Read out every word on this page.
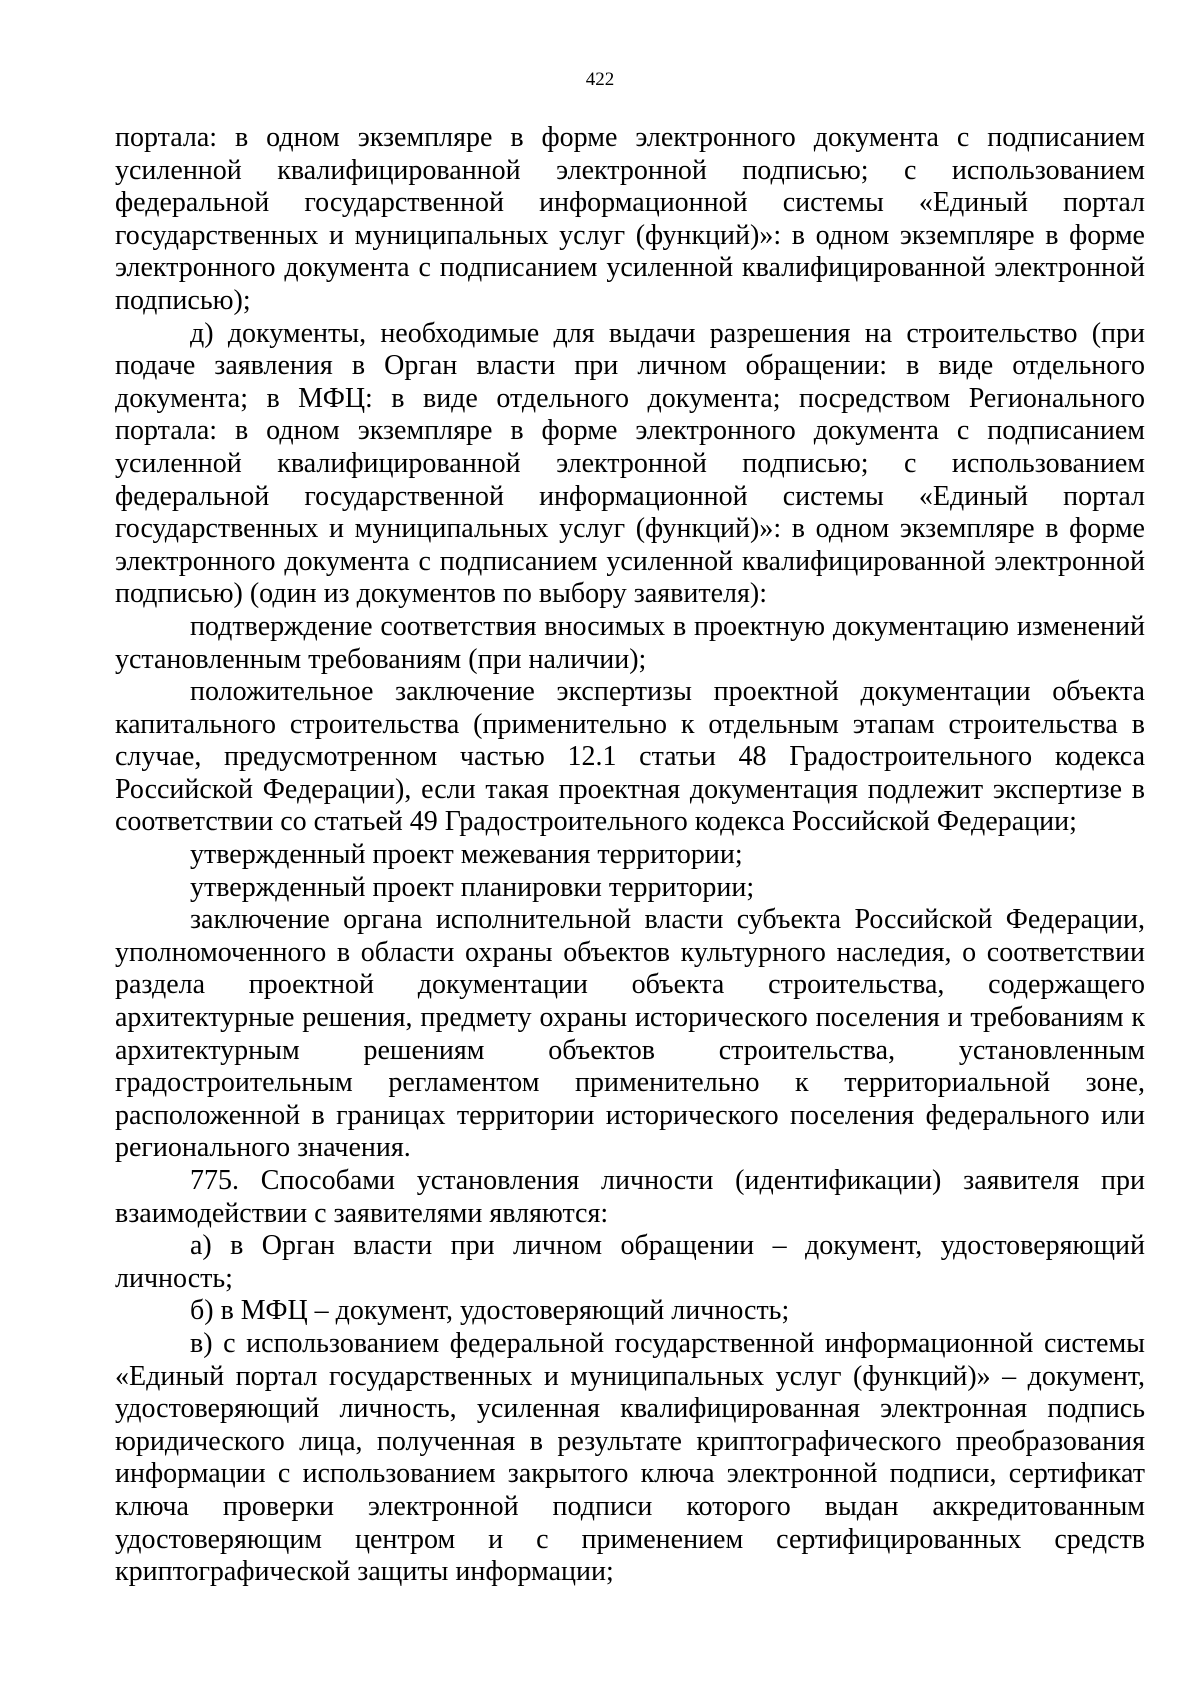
422

портала: в одном экземпляре в форме электронного документа с подписанием усиленной квалифицированной электронной подписью; с использованием федеральной государственной информационной системы «Единый портал государственных и муниципальных услуг (функций)»: в одном экземпляре в форме электронного документа с подписанием усиленной квалифицированной электронной подписью);

д) документы, необходимые для выдачи разрешения на строительство (при подаче заявления в Орган власти при личном обращении: в виде отдельного документа; в МФЦ: в виде отдельного документа; посредством Регионального портала: в одном экземпляре в форме электронного документа с подписанием усиленной квалифицированной электронной подписью; с использованием федеральной государственной информационной системы «Единый портал государственных и муниципальных услуг (функций)»: в одном экземпляре в форме электронного документа с подписанием усиленной квалифицированной электронной подписью) (один из документов по выбору заявителя):

подтверждение соответствия вносимых в проектную документацию изменений установленным требованиям (при наличии);

положительное заключение экспертизы проектной документации объекта капитального строительства (применительно к отдельным этапам строительства в случае, предусмотренном частью 12.1 статьи 48 Градостроительного кодекса Российской Федерации), если такая проектная документация подлежит экспертизе в соответствии со статьей 49 Градостроительного кодекса Российской Федерации;

утвержденный проект межевания территории;

утвержденный проект планировки территории;

заключение органа исполнительной власти субъекта Российской Федерации, уполномоченного в области охраны объектов культурного наследия, о соответствии раздела проектной документации объекта строительства, содержащего архитектурные решения, предмету охраны исторического поселения и требованиям к архитектурным решениям объектов строительства, установленным градостроительным регламентом применительно к территориальной зоне, расположенной в границах территории исторического поселения федерального или регионального значения.

775. Способами установления личности (идентификации) заявителя при взаимодействии с заявителями являются:

а) в Орган власти при личном обращении – документ, удостоверяющий личность;

б) в МФЦ – документ, удостоверяющий личность;

в) с использованием федеральной государственной информационной системы «Единый портал государственных и муниципальных услуг (функций)» – документ, удостоверяющий личность, усиленная квалифицированная электронная подпись юридического лица, полученная в результате криптографического преобразования информации с использованием закрытого ключа электронной подписи, сертификат ключа проверки электронной подписи которого выдан аккредитованным удостоверяющим центром и с применением сертифицированных средств криптографической защиты информации;
